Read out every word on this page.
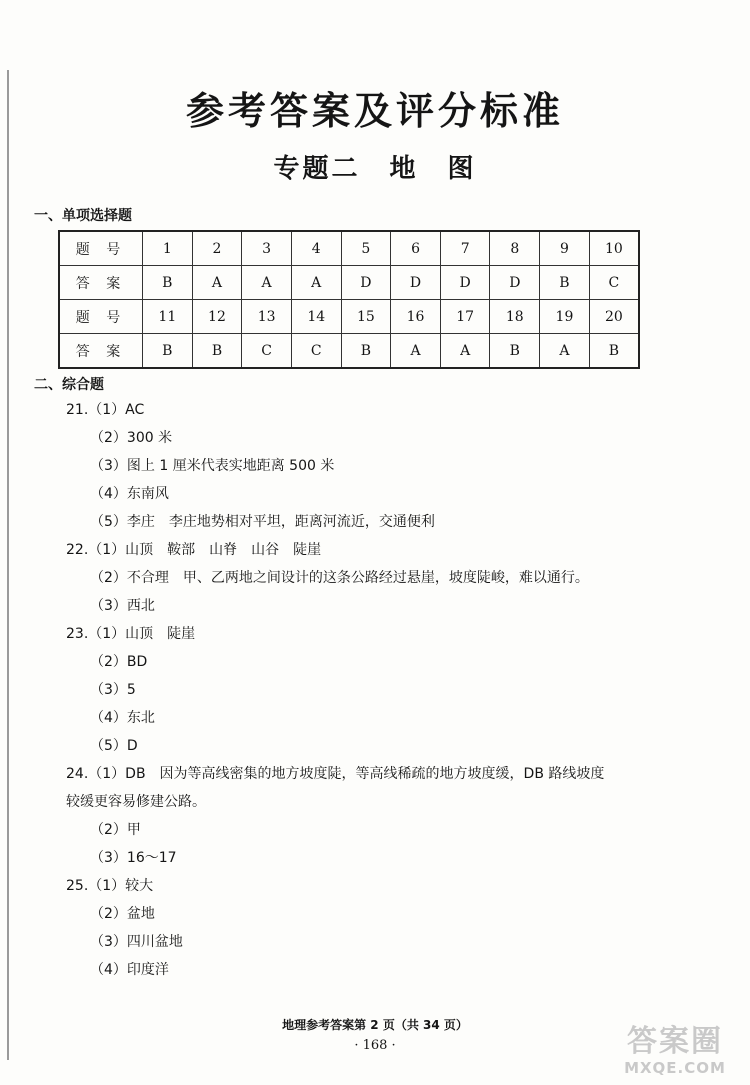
参考答案及评分标准
专题二　地　图
一、单项选择题
题 号	1	2	3	4	5	6	7	8	9	10
答 案	B	A	A	A	D	D	D	D	B	C
题 号	11	12	13	14	15	16	17	18	19	20
答 案	B	B	C	C	B	A	A	B	A	B
二、综合题
21.（1）AC
（2）300 米
（3）图上 1 厘米代表实地距离 500 米
（4）东南风
（5）李庄　李庄地势相对平坦，距离河流近，交通便利
22.（1）山顶　鞍部　山脊　山谷　陡崖
（2）不合理　甲、乙两地之间设计的这条公路经过悬崖，坡度陡峻，难以通行。
（3）西北
23.（1）山顶　陡崖
（2）BD
（3）5
（4）东北
（5）D
24.（1）DB　因为等高线密集的地方坡度陡，等高线稀疏的地方坡度缓，DB 路线坡度
较缓更容易修建公路。
（2）甲
（3）16～17
25.（1）较大
（2）盆地
（3）四川盆地
（4）印度洋
地理参考答案第 2 页（共 34 页）
· 168 ·	答案圈
MXQE.COM
